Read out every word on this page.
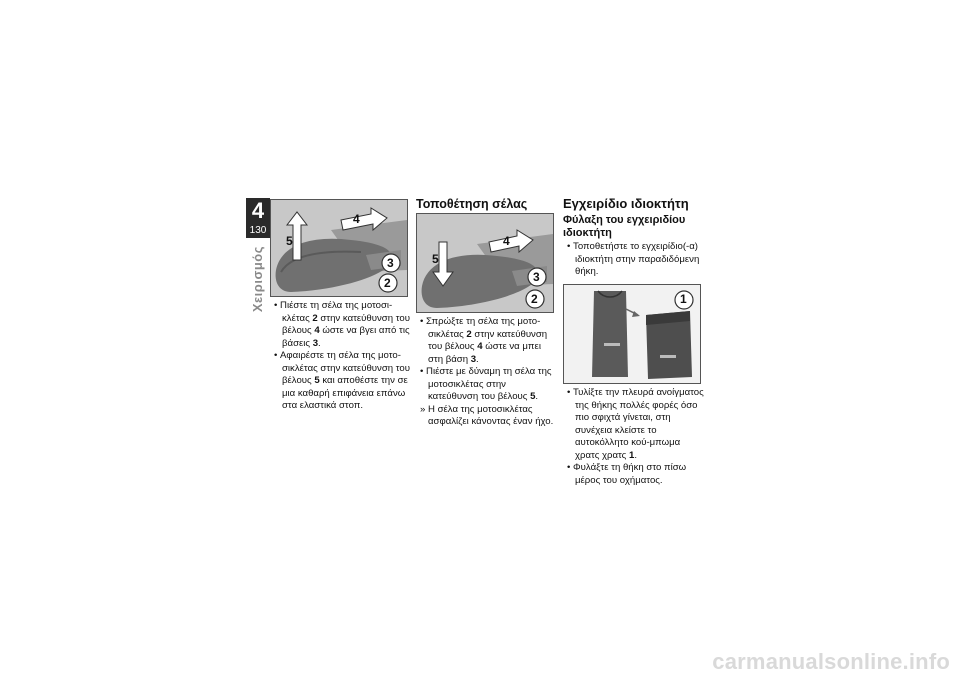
4
130
Χειρισμός
5
4
3
2

• Πιέστε τη σέλα της μοτοσι-κλέτας 2 στην κατεύθυνση του βέλους 4 ώστε να βγει από τις βάσεις 3.

• Αφαιρέστε τη σέλα της μοτο-σικλέτας στην κατεύθυνση του βέλους 5 και αποθέστε την σε μια καθαρή επιφάνεια επάνω στα ελαστικά στοπ.

Τοποθέτηση σέλας
5
4
3
2

• Σπρώξτε τη σέλα της μοτο-σικλέτας 2 στην κατεύθυνση του βέλους 4 ώστε να μπει στη βάση 3.

• Πιέστε με δύναμη τη σέλα της μοτοσικλέτας στην κατεύθυνση του βέλους 5.

» Η σέλα της μοτοσικλέτας ασφαλίζει κάνοντας έναν ήχο.

Εγχειρίδιο ιδιοκτήτη
Φύλαξη του εγχειριδίου ιδιοκτήτη

• Τοποθετήστε το εγχειρίδιο(-α) ιδιοκτήτη στην παραδιδόμενη θήκη.

1

• Τυλίξτε την πλευρά ανοίγματος της θήκης πολλές φορές όσο πιο σφιχτά γίνεται, στη συνέχεια κλείστε το αυτοκόλλητο κού-μπωμα χρατς χρατς 1.

• Φυλάξτε τη θήκη στο πίσω μέρος του οχήματος.

carmanualsonline.info
